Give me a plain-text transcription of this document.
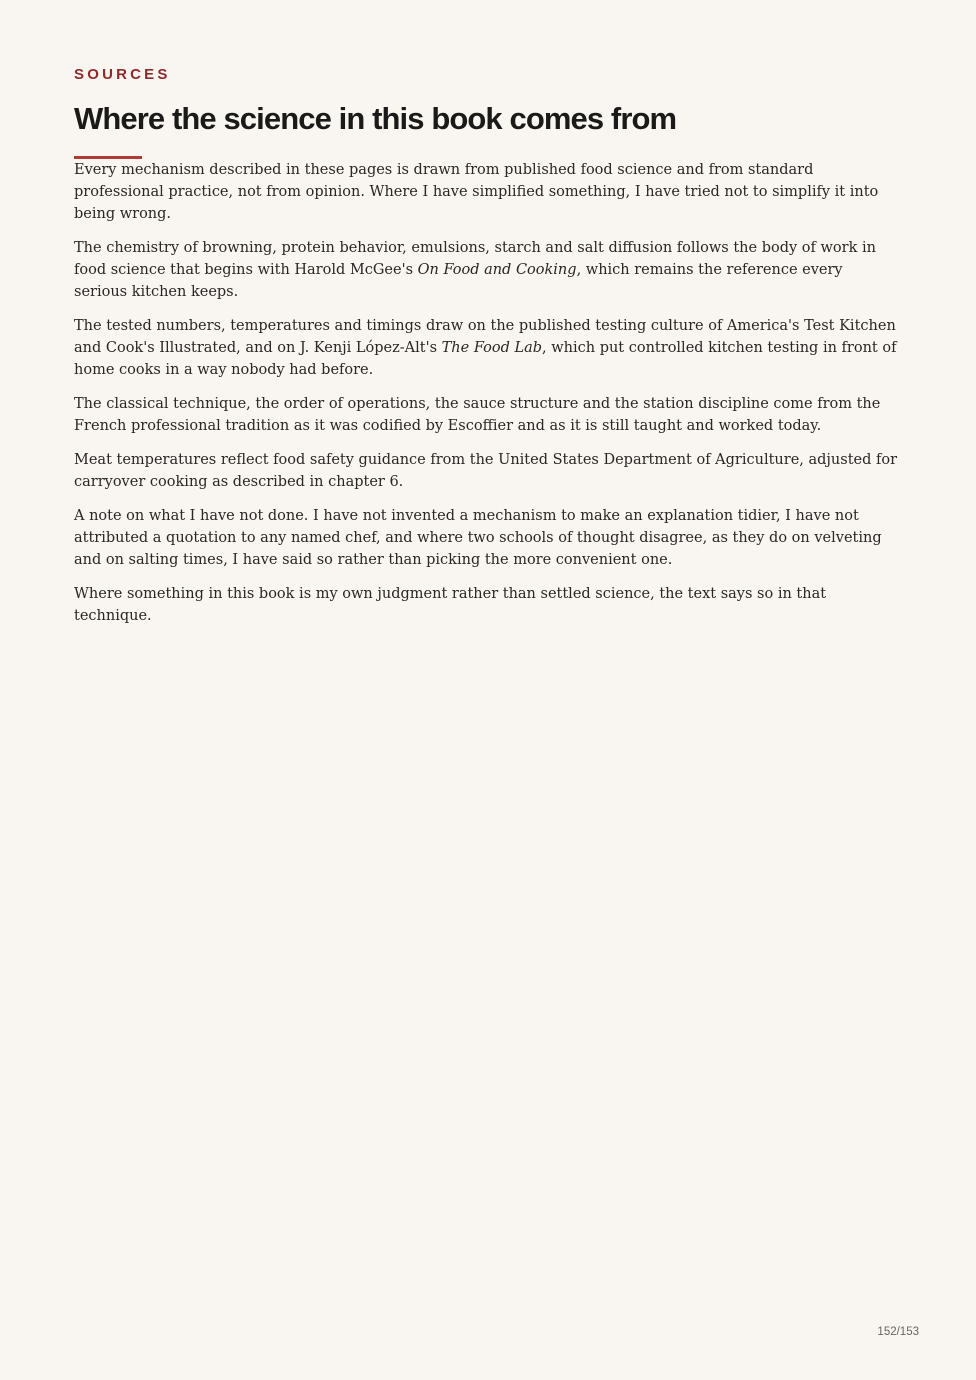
SOURCES

Where the science in this book comes from

Every mechanism described in these pages is drawn from published food science and from standard professional practice, not from opinion. Where I have simplified something, I have tried not to simplify it into being wrong.

The chemistry of browning, protein behavior, emulsions, starch and salt diffusion follows the body of work in food science that begins with Harold McGee's On Food and Cooking, which remains the reference every serious kitchen keeps.

The tested numbers, temperatures and timings draw on the published testing culture of America's Test Kitchen and Cook's Illustrated, and on J. Kenji López-Alt's The Food Lab, which put controlled kitchen testing in front of home cooks in a way nobody had before.

The classical technique, the order of operations, the sauce structure and the station discipline come from the French professional tradition as it was codified by Escoffier and as it is still taught and worked today.

Meat temperatures reflect food safety guidance from the United States Department of Agriculture, adjusted for carryover cooking as described in chapter 6.

A note on what I have not done. I have not invented a mechanism to make an explanation tidier, I have not attributed a quotation to any named chef, and where two schools of thought disagree, as they do on velveting and on salting times, I have said so rather than picking the more convenient one.

Where something in this book is my own judgment rather than settled science, the text says so in that technique.

152/153
